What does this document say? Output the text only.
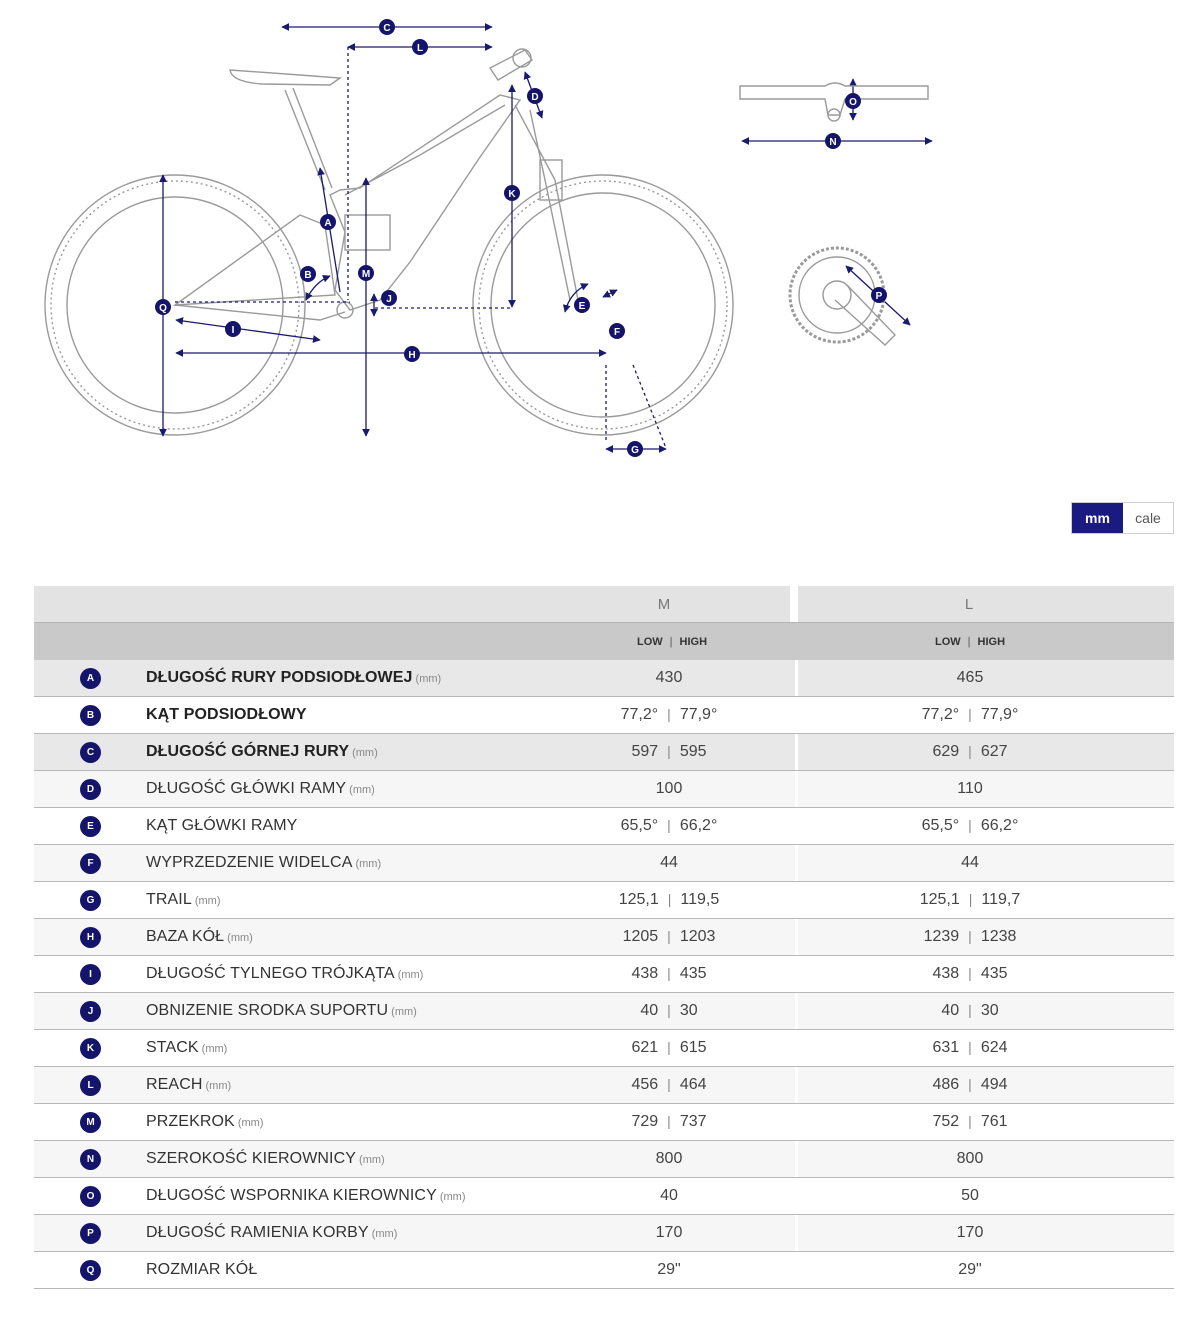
C
L
D
K
A
M
B
J
Q
I
H
E
F
G
O
N
P
mm	cale
		M	L
		LOW | HIGH	LOW | HIGH
A	DŁUGOŚĆ RURY PODSIODŁOWEJ (mm)	430	465
B	KĄT PODSIODŁOWY	77,2° | 77,9°	77,2° | 77,9°
C	DŁUGOŚĆ GÓRNEJ RURY (mm)	597 | 595	629 | 627
D	DŁUGOŚĆ GŁÓWKI RAMY (mm)	100	110
E	KĄT GŁÓWKI RAMY	65,5° | 66,2°	65,5° | 66,2°
F	WYPRZEDZENIE WIDELCA (mm)	44	44
G	TRAIL (mm)	125,1 | 119,5	125,1 | 119,7
H	BAZA KÓŁ (mm)	1205 | 1203	1239 | 1238
I	DŁUGOŚĆ TYLNEGO TRÓJKĄTA (mm)	438 | 435	438 | 435
J	OBNIZENIE SRODKA SUPORTU (mm)	40 | 30	40 | 30
K	STACK (mm)	621 | 615	631 | 624
L	REACH (mm)	456 | 464	486 | 494
M	PRZEKROK (mm)	729 | 737	752 | 761
N	SZEROKOŚĆ KIEROWNICY (mm)	800	800
O	DŁUGOŚĆ WSPORNIKA KIEROWNICY (mm)	40	50
P	DŁUGOŚĆ RAMIENIA KORBY (mm)	170	170
Q	ROZMIAR KÓŁ	29"	29"
